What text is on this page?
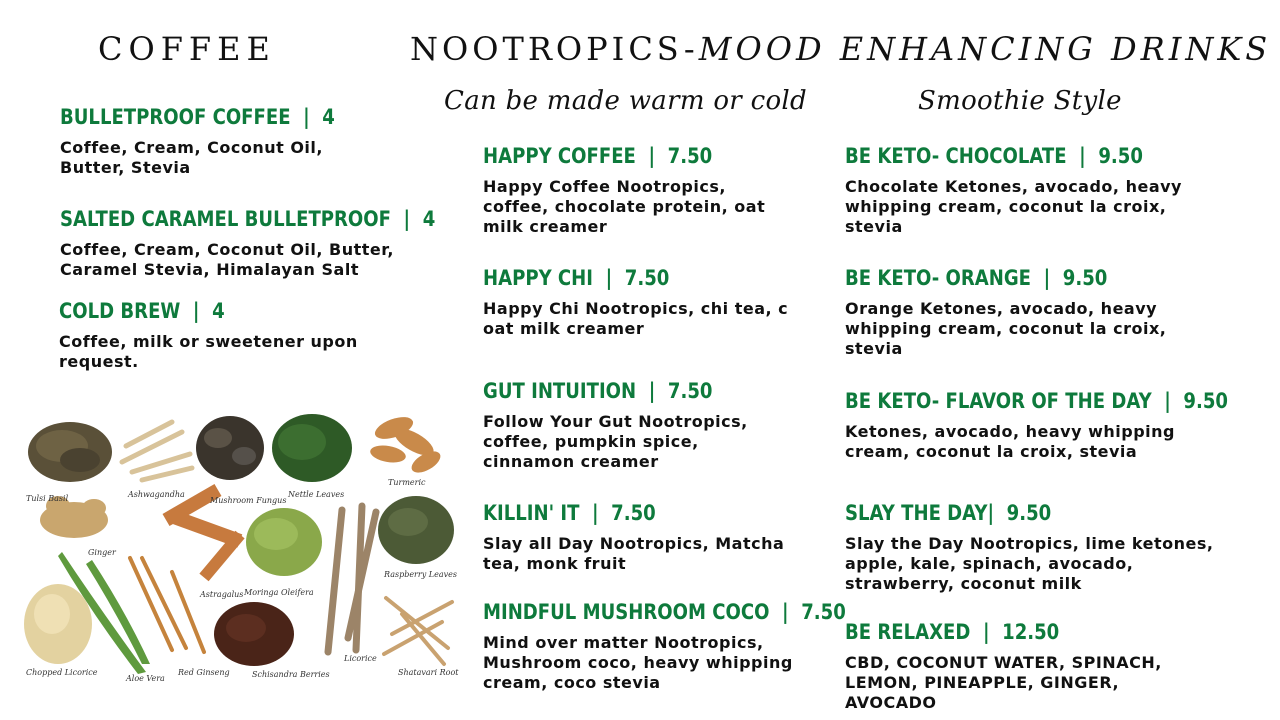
COFFEE	NOOTROPICS-MOOD ENHANCING DRINKS
Can be made warm or cold	Smoothie Style
BULLETPROOF COFFEE | 4
Coffee, Cream, Coconut Oil, Butter, Stevia
SALTED CARAMEL BULLETPROOF | 4
Coffee, Cream, Coconut Oil, Butter, Caramel Stevia, Himalayan Salt
COLD BREW | 4
Coffee, milk or sweetener upon request.
Tulsi Basil	Ashwagandha
Mushroom Fungus
Nettle Leaves
Turmeric
Ginger
Astragalus Moringa Oleifera
Raspberry Leaves
Chopped Licorice
Aloe Vera
Red Ginseng	Schisandra Berries
Licorice
Shatavari Root
HAPPY COFFEE | 7.50
Happy Coffee Nootropics, coffee, chocolate protein, oat milk creamer
HAPPY CHI | 7.50
Happy Chi Nootropics, chi tea, c oat milk creamer
GUT INTUITION | 7.50
Follow Your Gut Nootropics, coffee, pumpkin spice, cinnamon creamer
KILLIN' IT | 7.50
Slay all Day Nootropics, Matcha tea, monk fruit
MINDFUL MUSHROOM COCO | 7.50
Mind over matter Nootropics, Mushroom coco, heavy whipping cream, coco stevia
BE KETO- CHOCOLATE | 9.50
Chocolate Ketones, avocado, heavy whipping cream, coconut la croix, stevia
BE KETO- ORANGE | 9.50
Orange Ketones, avocado, heavy whipping cream, coconut la croix, stevia
BE KETO- FLAVOR OF THE DAY | 9.50
Ketones, avocado, heavy whipping cream, coconut la croix, stevia
SLAY THE DAY| 9.50
Slay the Day Nootropics, lime ketones, apple, kale, spinach, avocado, strawberry, coconut milk
BE RELAXED | 12.50
CBD, COCONUT WATER, SPINACH, LEMON, PINEAPPLE, GINGER, AVOCADO
